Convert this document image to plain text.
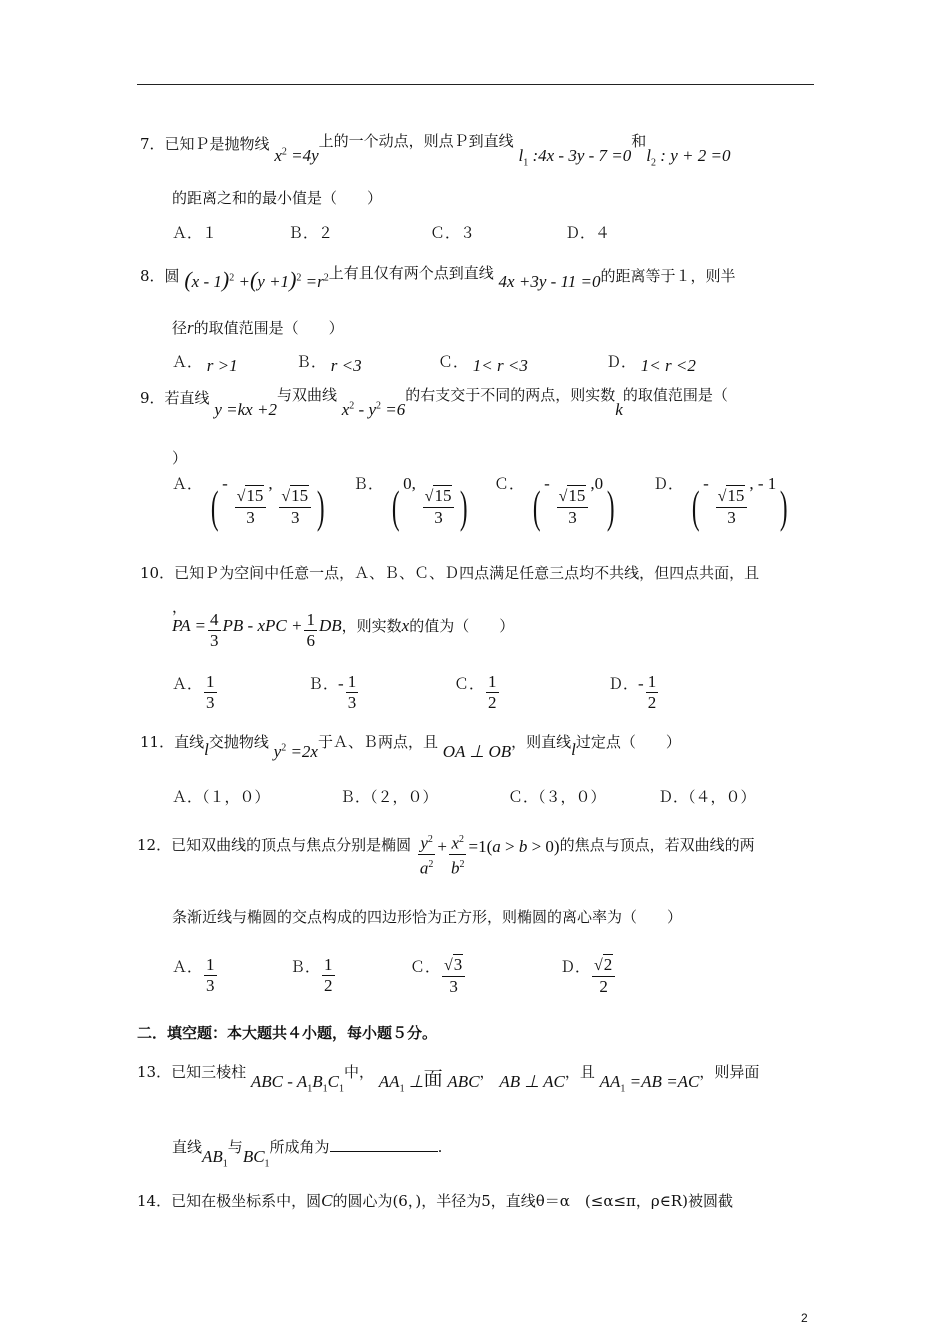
7．已知Ｐ是抛物线 $x^2 =4y$上的一个动点，则点Ｐ到直线 $l_1$ :4x - 3y - 7 =0和$l_2$ : y + 2 =0
的距离之和的最小值是（　　）
Ａ．１	Ｂ．２	Ｃ．３	Ｄ．４
8．圆 $(x - 1)^2 +(y +1)^2 =r^2$上有且仅有两个点到直线 4x +3y - 11 =0的距离等于１，则半
径r的取值范围是（　　）
Ａ． r >1	Ｂ． r <3	Ｃ． 1< r <3	Ｄ． 1< r <2
9．若直线 y =kx +2与双曲线 $x^2 - y^2 =6$的右支交于不同的两点，则实数k的取值范围是（
）
Ａ． ( -
$\frac{√15}{3}$
,
$\frac{√15}{3}$ ) Ｂ． ( 0,
$\frac{√15}{3}$ ) Ｃ． ( -
$\frac{√15}{3}$
,0)	Ｄ． ( -
$\frac{√15}{3}$
, - 1)
10．已知Ｐ为空间中任意一点，Ａ、Ｂ、Ｃ、Ｄ四点满足任意三点均不共线，但四点共面，且
，
PA = $\frac{4}{3}$ PB - xPC + $\frac{1}{6}$ DB，则实数x的值为（　　）
Ａ． $\frac{1}{3}$	Ｂ．- $\frac{1}{3}$	Ｃ． $\frac{1}{2}$	Ｄ．- $\frac{1}{2}$
11．直线l交抛物线 $y^2 =2x$于Ａ、Ｂ两点，且 OA ⊥ OB，则直线l过定点（　　）
Ａ．（１，０）	Ｂ．（２，０）	Ｃ．（３，０）	Ｄ．（４，０）
12．已知双曲线的顶点与焦点分别是椭圆 $\frac{y^2}{a^2} + \frac{x^2}{b^2} =1(a > b > 0)$的焦点与顶点，若双曲线的两
条渐近线与椭圆的交点构成的四边形恰为正方形，则椭圆的离心率为（　　）
Ａ． $\frac{1}{3}$	Ｂ． $\frac{1}{2}$	Ｃ． $\frac{√3}{3}$	Ｄ． $\frac{√2}{2}$
二．填空题：本大题共４小题，每小题５分。
13．已知三棱柱 ABC - $A_1B_1C_1$中， $AA_1$ ⊥面 ABC， AB ⊥ AC，且 $AA_1 =AB =AC$，则异面
直线$AB_1$与$BC_1$所成角为	.
14．已知在极坐标系中，圆C的圆心为(6，)，半径为5，直线θ＝α　(≤α≤π，ρ∈R)被圆截
2
